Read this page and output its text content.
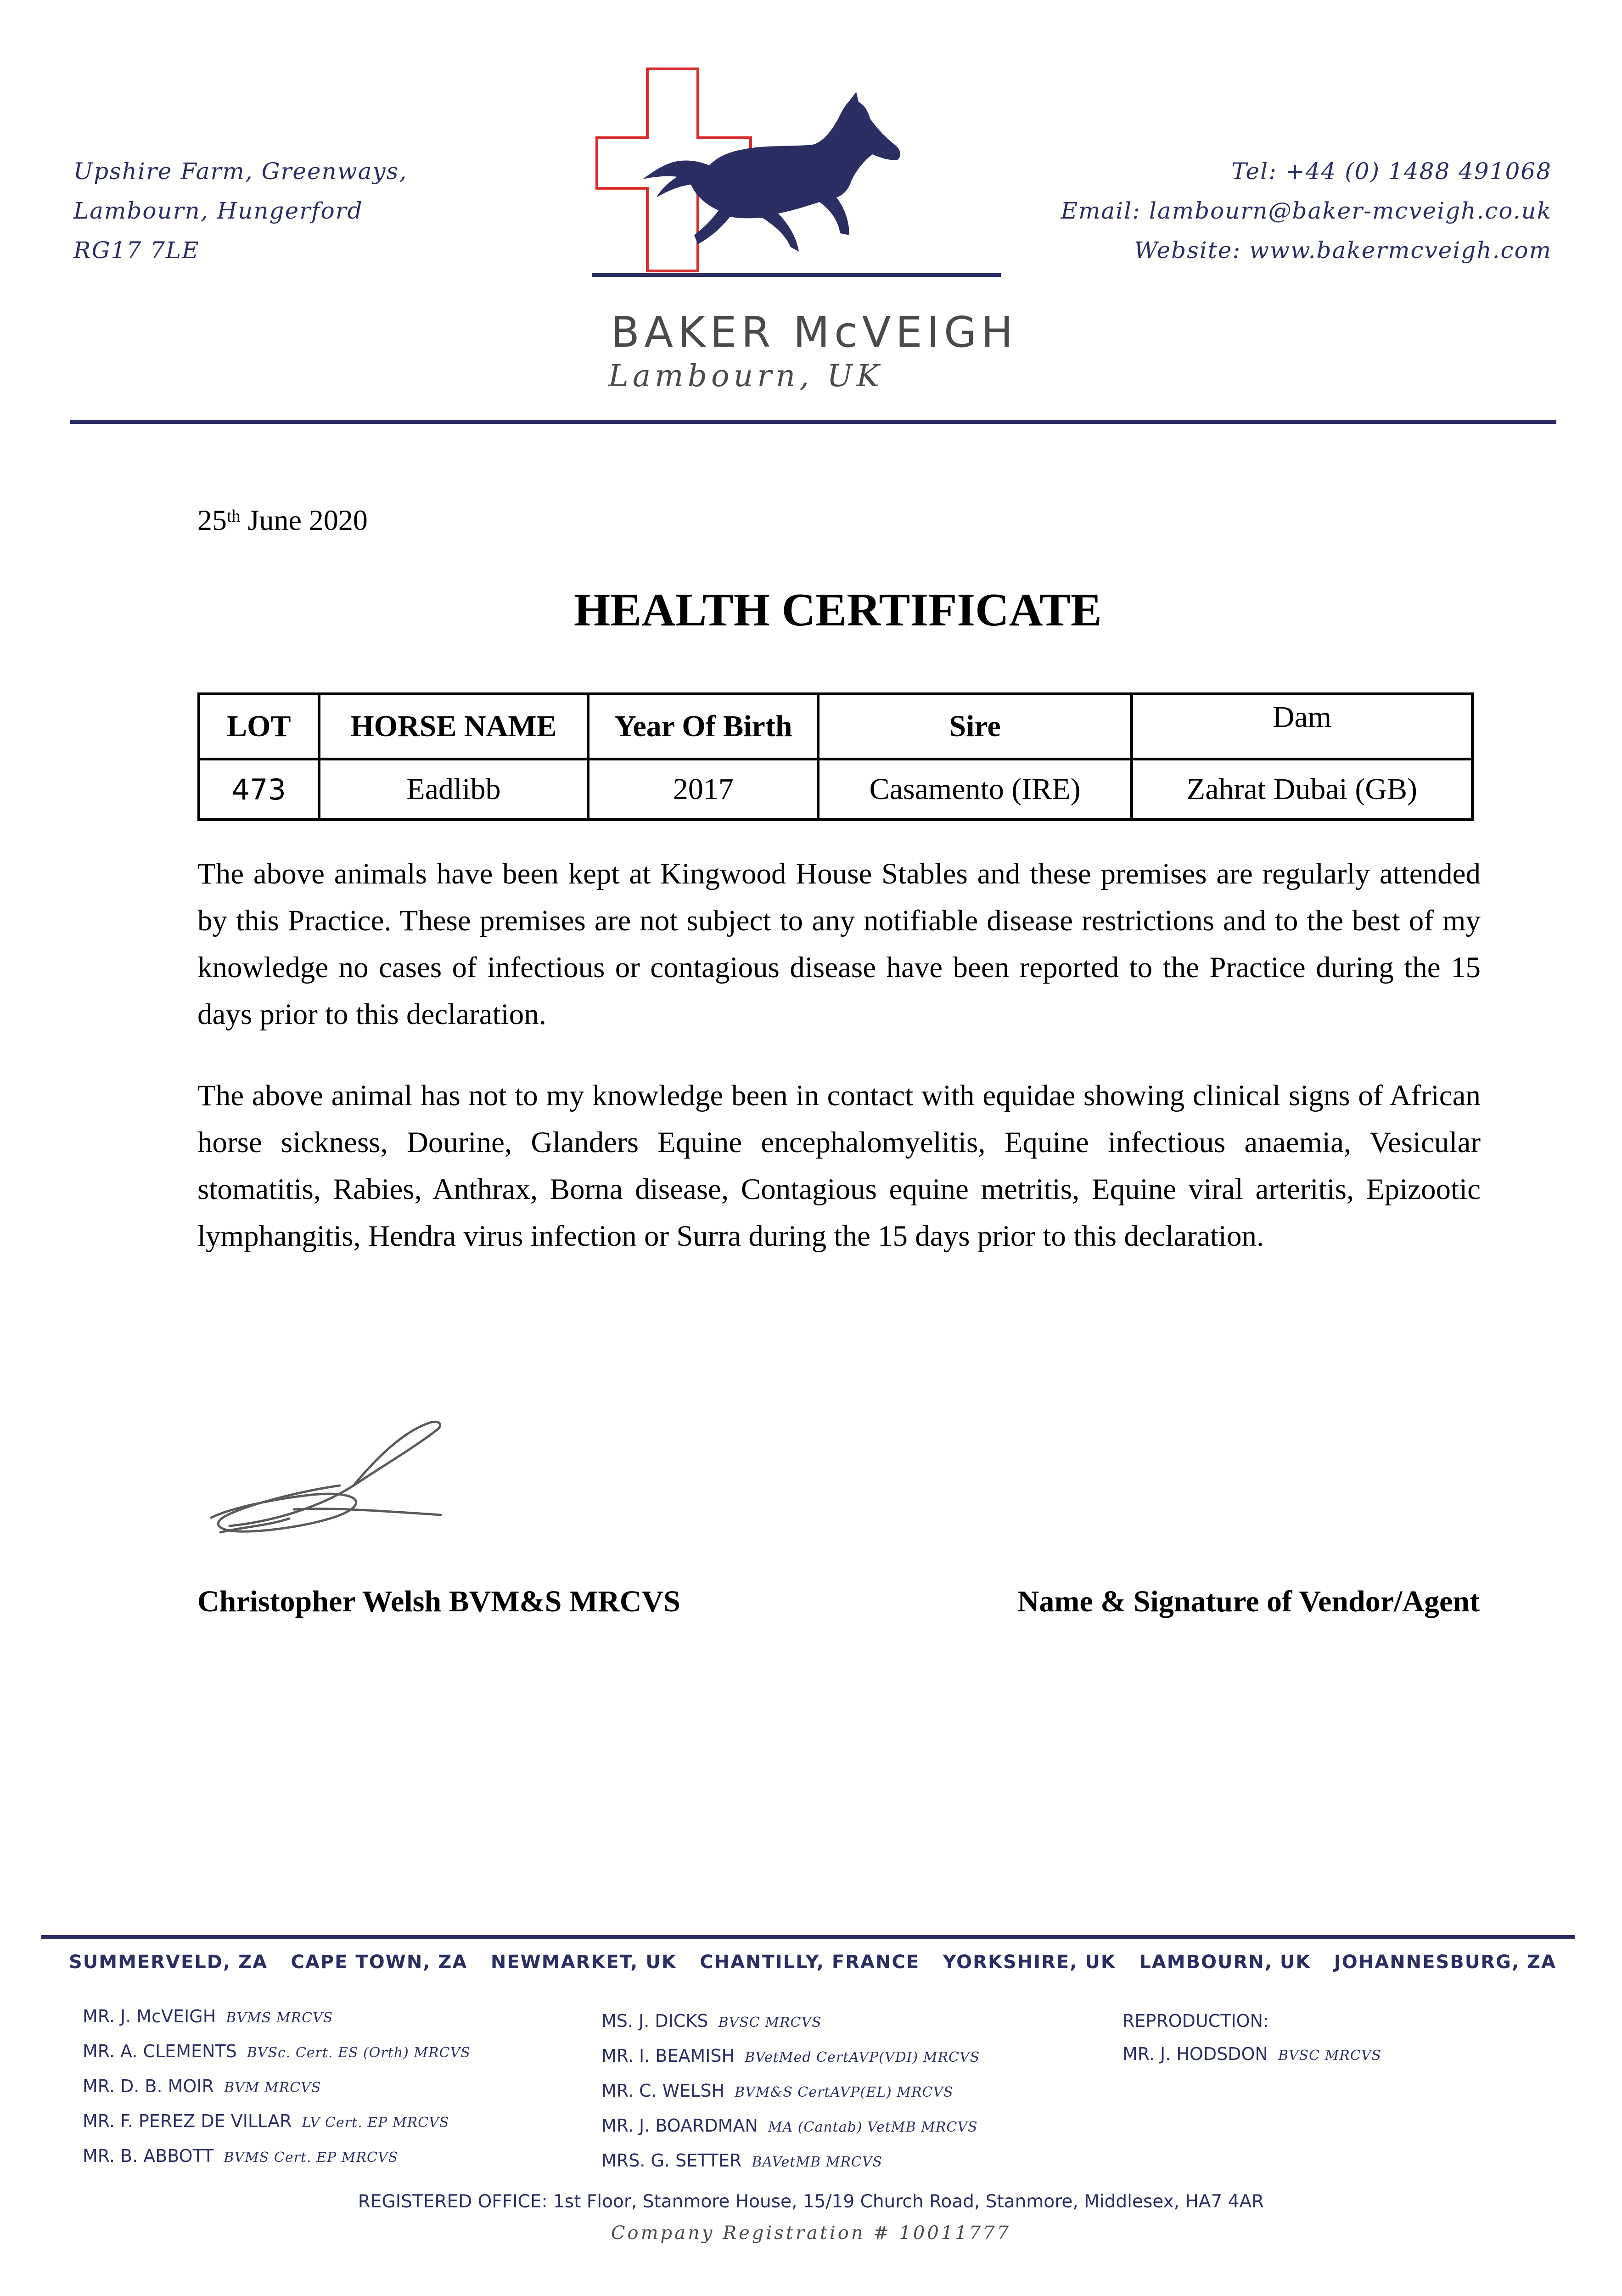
Upshire Farm, Greenways,
Lambourn, Hungerford
RG17 7LE
Tel: +44 (0) 1488 491068
Email: lambourn@baker-mcveigh.co.uk
Website: www.bakermcveigh.com
BAKER McVEIGH
Lambourn, UK
25th June 2020
HEALTH CERTIFICATE
LOT	HORSE NAME	Year Of Birth	Sire	Dam
473	Eadlibb	2017	Casamento (IRE)	Zahrat Dubai (GB)
The above animals have been kept at Kingwood House Stables and these premises are regularly attended by this Practice. These premises are not subject to any notifiable disease restrictions and to the best of my knowledge no cases of infectious or contagious disease have been reported to the Practice during the 15 days prior to this declaration.
The above animal has not to my knowledge been in contact with equidae showing clinical signs of African horse sickness, Dourine, Glanders Equine encephalomyelitis, Equine infectious anaemia, Vesicular stomatitis, Rabies, Anthrax, Borna disease, Contagious equine metritis, Equine viral arteritis, Epizootic lymphangitis, Hendra virus infection or Surra during the 15 days prior to this declaration.
Christopher Welsh BVM&S MRCVS	Name & Signature of Vendor/Agent
SUMMERVELD, ZA CAPE TOWN, ZA NEWMARKET, UK CHANTILLY, FRANCE YORKSHIRE, UK LAMBOURN, UK JOHANNESBURG, ZA
MR. J. McVEIGH BVMS MRCVS
MR. A. CLEMENTS BVSc. Cert. ES (Orth) MRCVS
MR. D. B. MOIR BVM MRCVS
MR. F. PEREZ DE VILLAR LV Cert. EP MRCVS
MR. B. ABBOTT BVMS Cert. EP MRCVS
MS. J. DICKS BVSC MRCVS
MR. I. BEAMISH BVetMed CertAVP(VDI) MRCVS
MR. C. WELSH BVM&S CertAVP(EL) MRCVS
MR. J. BOARDMAN MA (Cantab) VetMB MRCVS
MRS. G. SETTER BAVetMB MRCVS
REPRODUCTION:
MR. J. HODSDON BVSC MRCVS
REGISTERED OFFICE: 1st Floor, Stanmore House, 15/19 Church Road, Stanmore, Middlesex, HA7 4AR
Company Registration # 10011777
